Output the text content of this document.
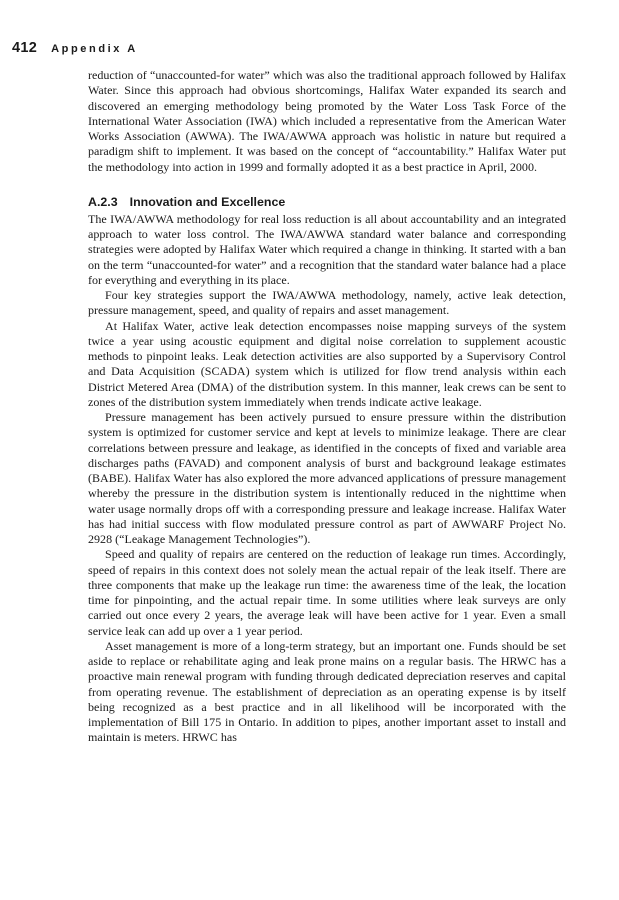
412 Appendix A

reduction of “unaccounted-for water” which was also the traditional approach followed by Halifax Water. Since this approach had obvious shortcomings, Halifax Water expanded its search and discovered an emerging methodology being promoted by the Water Loss Task Force of the International Water Association (IWA) which included a representative from the American Water Works Association (AWWA). The IWA/AWWA approach was holistic in nature but required a paradigm shift to implement. It was based on the concept of “accountability.” Halifax Water put the methodology into action in 1999 and formally adopted it as a best practice in April, 2000.

A.2.3 Innovation and Excellence

The IWA/AWWA methodology for real loss reduction is all about accountability and an integrated approach to water loss control. The IWA/AWWA standard water balance and corresponding strategies were adopted by Halifax Water which required a change in thinking. It started with a ban on the term “unaccounted-for water” and a recognition that the standard water balance had a place for everything and everything in its place.

Four key strategies support the IWA/AWWA methodology, namely, active leak detection, pressure management, speed, and quality of repairs and asset management.

At Halifax Water, active leak detection encompasses noise mapping surveys of the system twice a year using acoustic equipment and digital noise correlation to supplement acoustic methods to pinpoint leaks. Leak detection activities are also supported by a Supervisory Control and Data Acquisition (SCADA) system which is utilized for flow trend analysis within each District Metered Area (DMA) of the distribution system. In this manner, leak crews can be sent to zones of the distribution system immediately when trends indicate active leakage.

Pressure management has been actively pursued to ensure pressure within the distribution system is optimized for customer service and kept at levels to minimize leakage. There are clear correlations between pressure and leakage, as identified in the concepts of fixed and variable area discharges paths (FAVAD) and component analysis of burst and background leakage estimates (BABE). Halifax Water has also explored the more advanced applications of pressure management whereby the pressure in the distribution system is intentionally reduced in the nighttime when water usage normally drops off with a corresponding pressure and leakage increase. Halifax Water has had initial success with flow modulated pressure control as part of AWWARF Project No. 2928 (“Leakage Management Technologies”).

Speed and quality of repairs are centered on the reduction of leakage run times. Accordingly, speed of repairs in this context does not solely mean the actual repair of the leak itself. There are three components that make up the leakage run time: the awareness time of the leak, the location time for pinpointing, and the actual repair time. In some utilities where leak surveys are only carried out once every 2 years, the average leak will have been active for 1 year. Even a small service leak can add up over a 1 year period.

Asset management is more of a long-term strategy, but an important one. Funds should be set aside to replace or rehabilitate aging and leak prone mains on a regular basis. The HRWC has a proactive main renewal program with funding through dedicated depreciation reserves and capital from operating revenue. The establishment of depreciation as an operating expense is by itself being recognized as a best practice and in all likelihood will be incorporated with the implementation of Bill 175 in Ontario. In addition to pipes, another important asset to install and maintain is meters. HRWC has
